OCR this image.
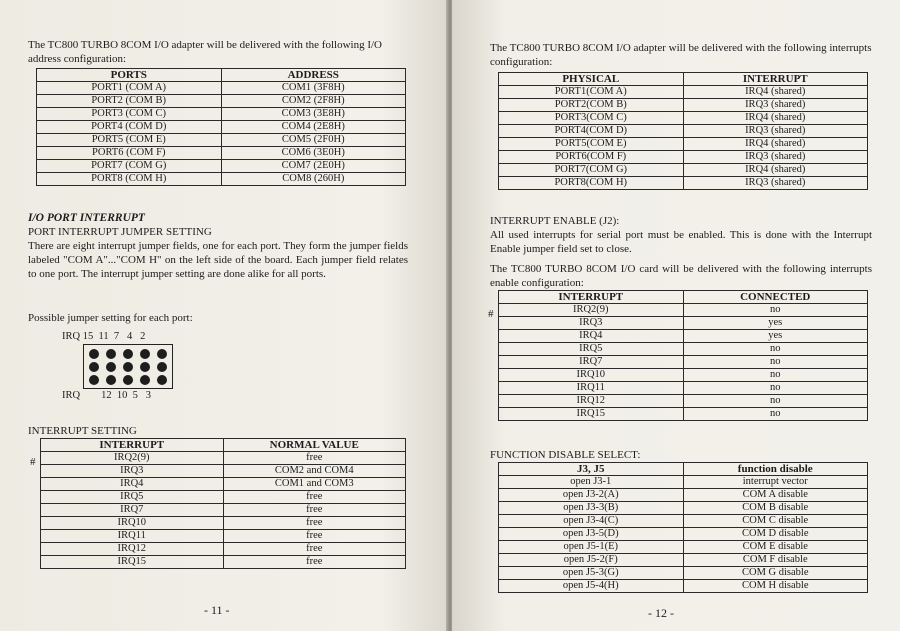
The TC800 TURBO 8COM I/O adapter will be delivered with the following I/O address configuration:

PORTS	ADDRESS
PORT1 (COM A)	COM1 (3F8H)
PORT2 (COM B)	COM2 (2F8H)
PORT3 (COM C)	COM3 (3E8H)
PORT4 (COM D)	COM4 (2E8H)
PORT5 (COM E)	COM5 (2F0H)
PORT6 (COM F)	COM6 (3E0H)
PORT7 (COM G)	COM7 (2E0H)
PORT8 (COM H)	COM8 (260H)

I/O PORT INTERRUPT

PORT INTERRUPT JUMPER SETTING

There are eight interrupt jumper fields, one for each port. They form the jumper fields labeled "COM A"..."COM H" on the left side of the board. Each jumper field relates to one port. The interrupt jumper setting are done alike for all ports.

Possible jumper setting for each port:

IRQ 15  11  7   4   2
IRQ        12  10  5   3

INTERRUPT SETTING

#
INTERRUPT	NORMAL VALUE
IRQ2(9)	free
IRQ3	COM2 and COM4
IRQ4	COM1 and COM3
IRQ5	free
IRQ7	free
IRQ10	free
IRQ11	free
IRQ12	free
IRQ15	free
- 11 -

The TC800 TURBO 8COM I/O adapter will be delivered with the following interrupts configuration:

PHYSICAL	INTERRUPT
PORT1(COM A)	IRQ4 (shared)
PORT2(COM B)	IRQ3 (shared)
PORT3(COM C)	IRQ4 (shared)
PORT4(COM D)	IRQ3 (shared)
PORT5(COM E)	IRQ4 (shared)
PORT6(COM F)	IRQ3 (shared)
PORT7(COM G)	IRQ4 (shared)
PORT8(COM H)	IRQ3 (shared)

INTERRUPT ENABLE (J2):

All used interrupts for serial port must be enabled. This is done with the Interrupt Enable jumper field set to close.

The TC800 TURBO 8COM I/O card will be delivered with the following interrupts enable configuration:

#
INTERRUPT	CONNECTED
IRQ2(9)	no
IRQ3	yes
IRQ4	yes
IRQ5	no
IRQ7	no
IRQ10	no
IRQ11	no
IRQ12	no
IRQ15	no

FUNCTION DISABLE SELECT:

J3, J5	function disable
open J3-1	interrupt vector
open J3-2(A)	COM A disable
open J3-3(B)	COM B disable
open J3-4(C)	COM C disable
open J3-5(D)	COM D disable
open J5-1(E)	COM E disable
open J5-2(F)	COM F disable
open J5-3(G)	COM G disable
open J5-4(H)	COM H disable
- 12 -
